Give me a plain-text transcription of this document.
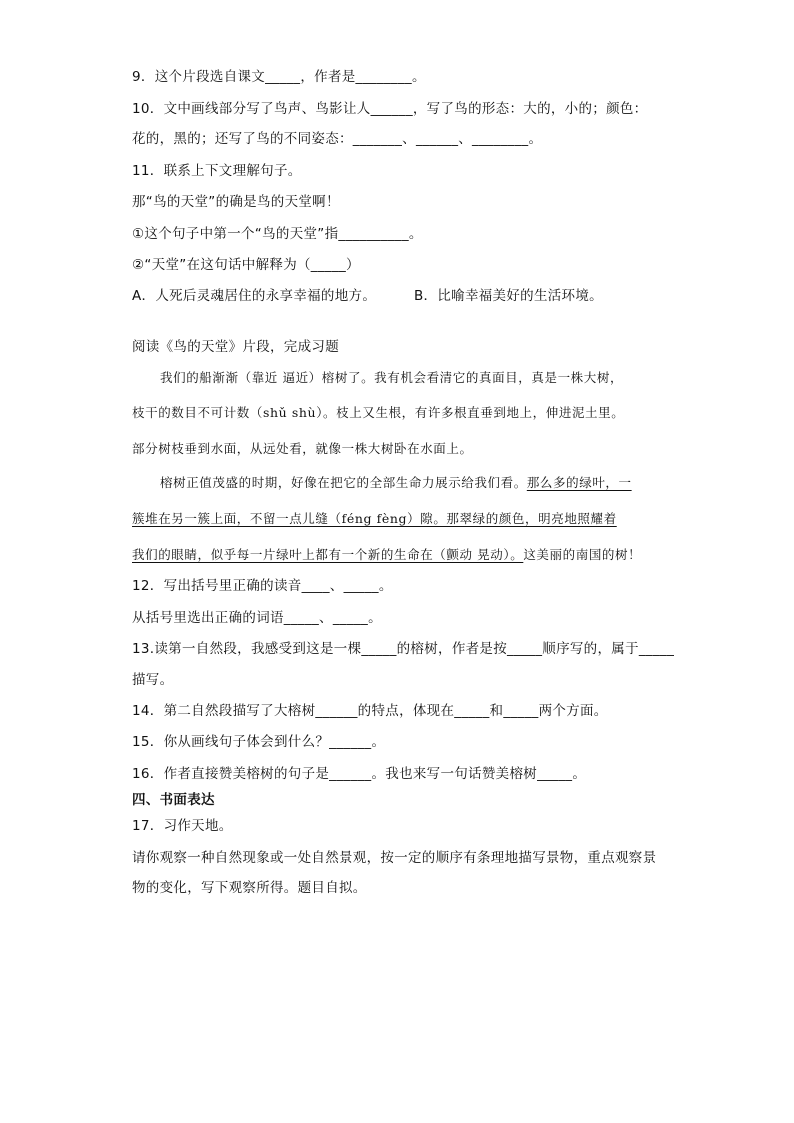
9．这个片段选自课文_____，作者是________。
10．文中画线部分写了鸟声、鸟影让人______，写了鸟的形态：大的，小的；颜色：
花的，黑的；还写了鸟的不同姿态：_______、______、________。
11．联系上下文理解句子。
那“鸟的天堂”的确是鸟的天堂啊！
①这个句子中第一个“鸟的天堂”指__________。
②“天堂”在这句话中解释为（_____）
A．人死后灵魂居住的永享幸福的地方。	B．比喻幸福美好的生活环境。
阅读《鸟的天堂》片段，完成习题
我们的船渐渐（靠近 逼近）榕树了。我有机会看清它的真面目，真是一株大树，
枝干的数目不可计数（shǔ shù）。枝上又生根，有许多根直垂到地上，伸进泥土里。
部分树枝垂到水面，从远处看，就像一株大树卧在水面上。
榕树正值茂盛的时期，好像在把它的全部生命力展示给我们看。那么多的绿叶，一
簇堆在另一簇上面，不留一点儿缝（féng fèng）隙。那翠绿的颜色，明亮地照耀着
我们的眼睛，似乎每一片绿叶上都有一个新的生命在（颤动 晃动）。这美丽的南国的树！
12．写出括号里正确的读音____、_____。
从括号里选出正确的词语_____、_____。
13.读第一自然段，我感受到这是一棵_____的榕树，作者是按_____顺序写的，属于_____
描写。
14．第二自然段描写了大榕树______的特点，体现在_____和_____两个方面。
15．你从画线句子体会到什么？______。
16．作者直接赞美榕树的句子是______。我也来写一句话赞美榕树_____。
四、书面表达
17．习作天地。
请你观察一种自然现象或一处自然景观，按一定的顺序有条理地描写景物，重点观察景
物的变化，写下观察所得。题目自拟。
